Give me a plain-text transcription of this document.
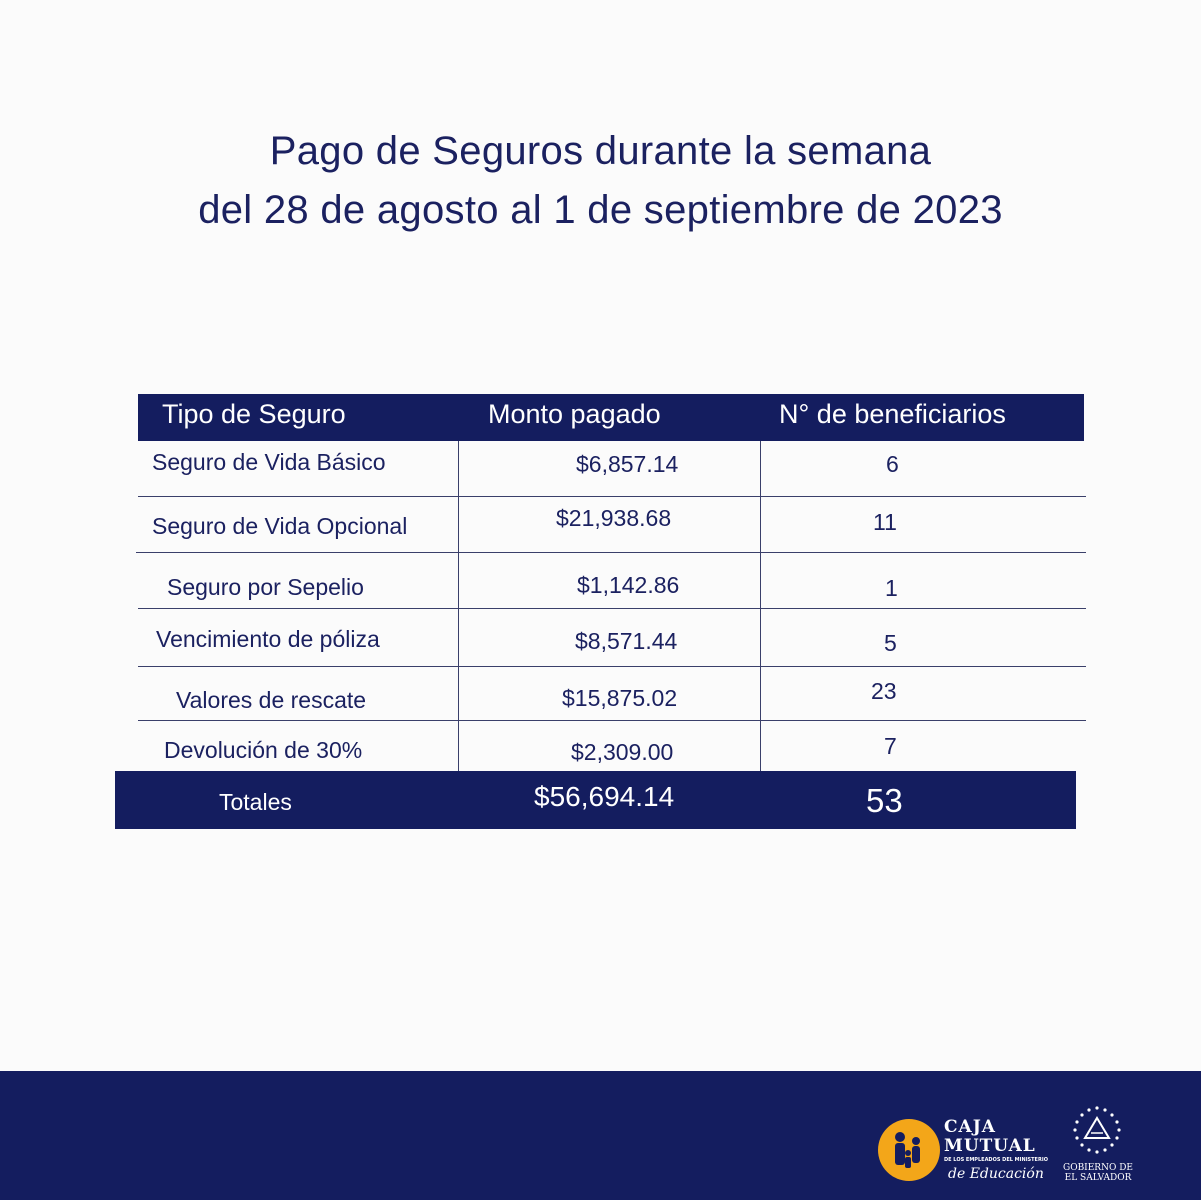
Pago de Seguros durante la semana
del 28 de agosto al 1 de septiembre de 2023
Tipo de Seguro	Monto pagado	N° de beneficiarios
Seguro de Vida Básico	$6,857.14	6
Seguro de Vida Opcional	$21,938.68	11
Seguro por Sepelio	$1,142.86	1
Vencimiento de póliza	$8,571.44	5
Valores de rescate	$15,875.02	23
Devolución de 30%	$2,309.00	7
Totales	$56,694.14	53
CAJA
MUTUAL
DE LOS EMPLEADOS DEL MINISTERIO
de Educación	GOBIERNO DE
EL SALVADOR
